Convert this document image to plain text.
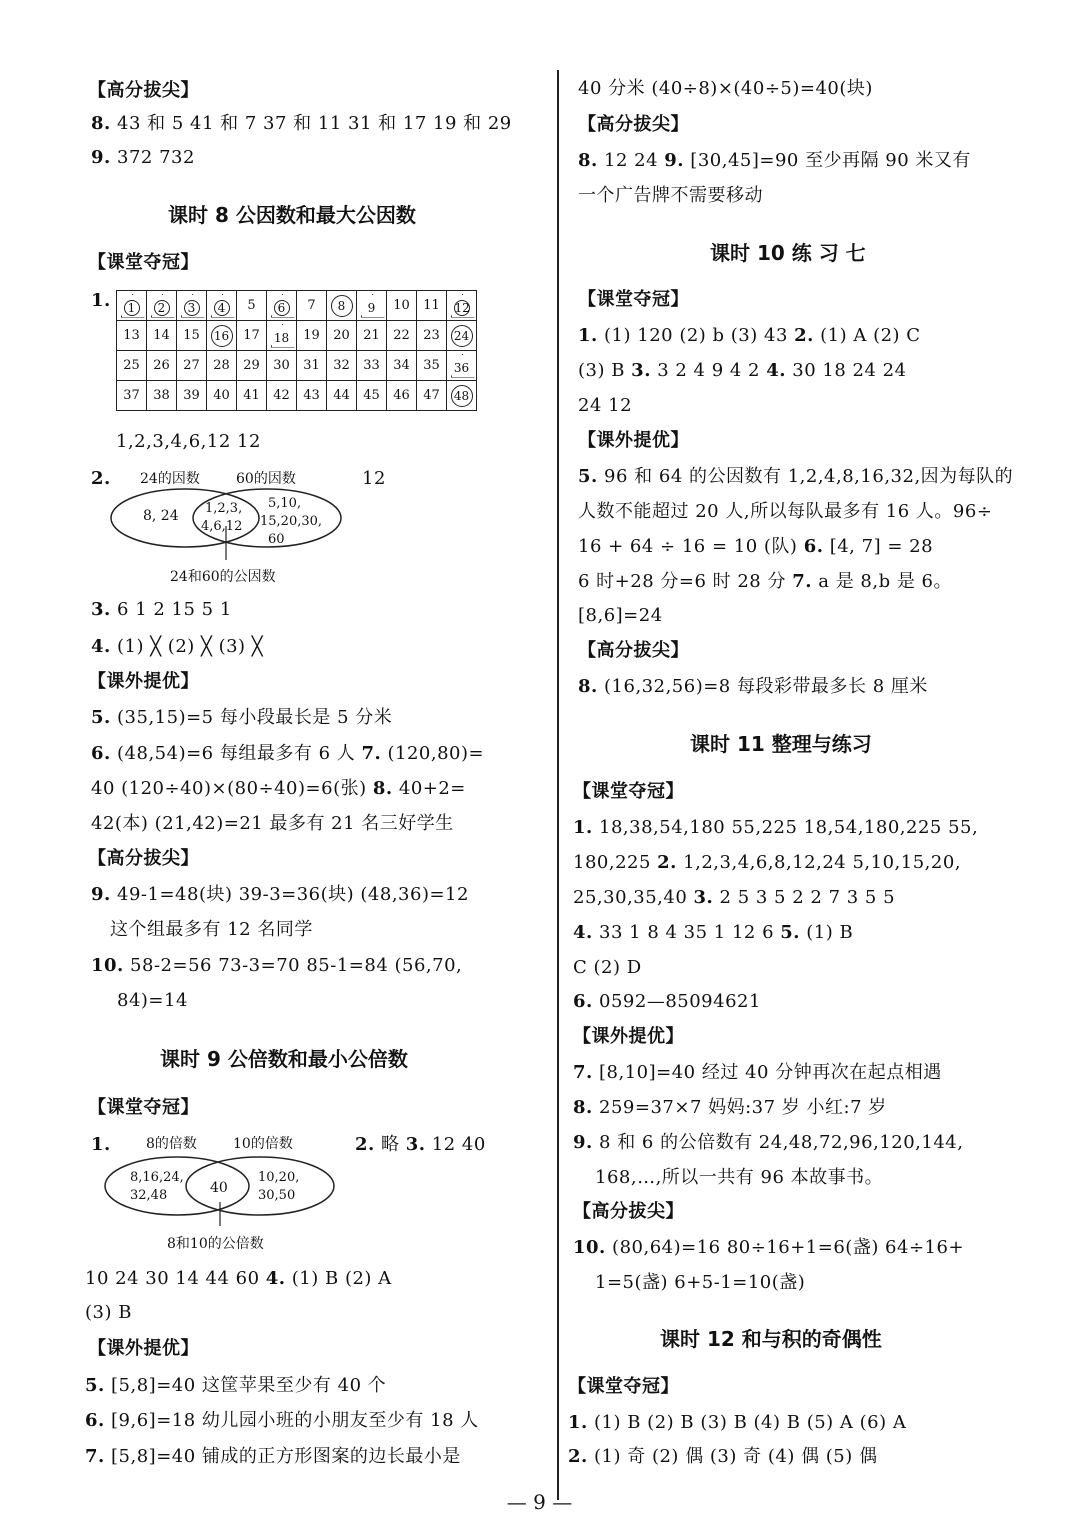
【高分拔尖】
8. 43 和 5 41 和 7 37 和 11 31 和 17 19 和 29
9. 372 732
课时 8 公因数和最大公因数
【课堂夺冠】
1. 1	2	3	4	5	6	7	8	9	10	11	12
13	14	15	16	17	18	19	20	21	22	23	24
25	26	27	28	29	30	31	32	33	34	35	36
37	38	39	40	41	42	43	44	45	46	47	48
1,2,3,4,6,12 12
2. 24的因数	60的因数	12
8, 24 1,2,3,
4,6,12
5,10,
15,20,30,
60
24和60的公因数
3. 6 1 2 15 5 1
4. (1) ╳ (2) ╳ (3) ╳
【课外提优】
5. (35,15)=5 每小段最长是 5 分米
6. (48,54)=6 每组最多有 6 人 7. (120,80)=
40 (120÷40)×(80÷40)=6(张) 8. 40+2=
42(本) (21,42)=21 最多有 21 名三好学生
【高分拔尖】
9. 49-1=48(块) 39-3=36(块) (48,36)=12
这个组最多有 12 名同学
10. 58-2=56 73-3=70 85-1=84 (56,70,
84)=14
课时 9 公倍数和最小公倍数
【课堂夺冠】
1.	8的倍数	10的倍数	2. 略 3. 12 40
8,16,24,
32,48	40
10,20,
30,50
8和10的公倍数
10 24 30 14 44 60 4. (1) B (2) A
(3) B
【课外提优】
5. [5,8]=40 这筐苹果至少有 40 个
6. [9,6]=18 幼儿园小班的小朋友至少有 18 人
7. [5,8]=40 铺成的正方形图案的边长最小是
40 分米 (40÷8)×(40÷5)=40(块)
【高分拔尖】
8. 12 24 9. [30,45]=90 至少再隔 90 米又有
一个广告牌不需要移动
课时 10 练 习 七
【课堂夺冠】
1. (1) 120 (2) b (3) 43 2. (1) A (2) C
(3) B 3. 3 2 4 9 4 2 4. 30 18 24 24
24 12
【课外提优】
5. 96 和 64 的公因数有 1,2,4,8,16,32,因为每队的
人数不能超过 20 人,所以每队最多有 16 人。96÷
16 + 64 ÷ 16 = 10 (队) 6. [4, 7] = 28
6 时+28 分=6 时 28 分 7. a 是 8,b 是 6。
[8,6]=24
【高分拔尖】
8. (16,32,56)=8 每段彩带最多长 8 厘米
课时 11 整理与练习
【课堂夺冠】
1. 18,38,54,180 55,225 18,54,180,225 55,
180,225 2. 1,2,3,4,6,8,12,24 5,10,15,20,
25,30,35,40 3. 2 5 3 5 2 2 7 3 5 5
4. 33 1 8 4 35 1 12 6 5. (1) B
C (2) D
6. 0592—85094621
【课外提优】
7. [8,10]=40 经过 40 分钟再次在起点相遇
8. 259=37×7 妈妈:37 岁 小红:7 岁
9. 8 和 6 的公倍数有 24,48,72,96,120,144,
168,…,所以一共有 96 本故事书。
【高分拔尖】
10. (80,64)=16 80÷16+1=6(盏) 64÷16+
1=5(盏) 6+5-1=10(盏)
课时 12 和与积的奇偶性
【课堂夺冠】
1. (1) B (2) B (3) B (4) B (5) A (6) A
2. (1) 奇 (2) 偶 (3) 奇 (4) 偶 (5) 偶
— 9 —
